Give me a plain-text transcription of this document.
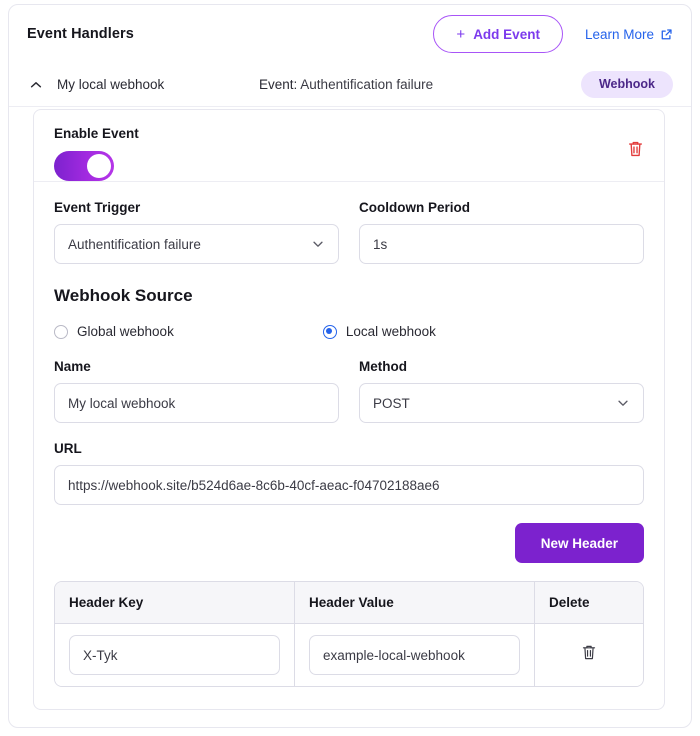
Event Handlers	+ Add Event	Learn More
My local webhook	Event: Authentification failure	Webhook
Enable Event
Event Trigger
Authentification failure
Cooldown Period
1s
Webhook Source
Global webhook	Local webhook
Name
My local webhook
Method
POST
URL
https://webhook.site/b524d6ae-8c6b-40cf-aeac-f04702188ae6
New Header
Header Key	Header Value	Delete
X-Tyk	example-local-webhook
